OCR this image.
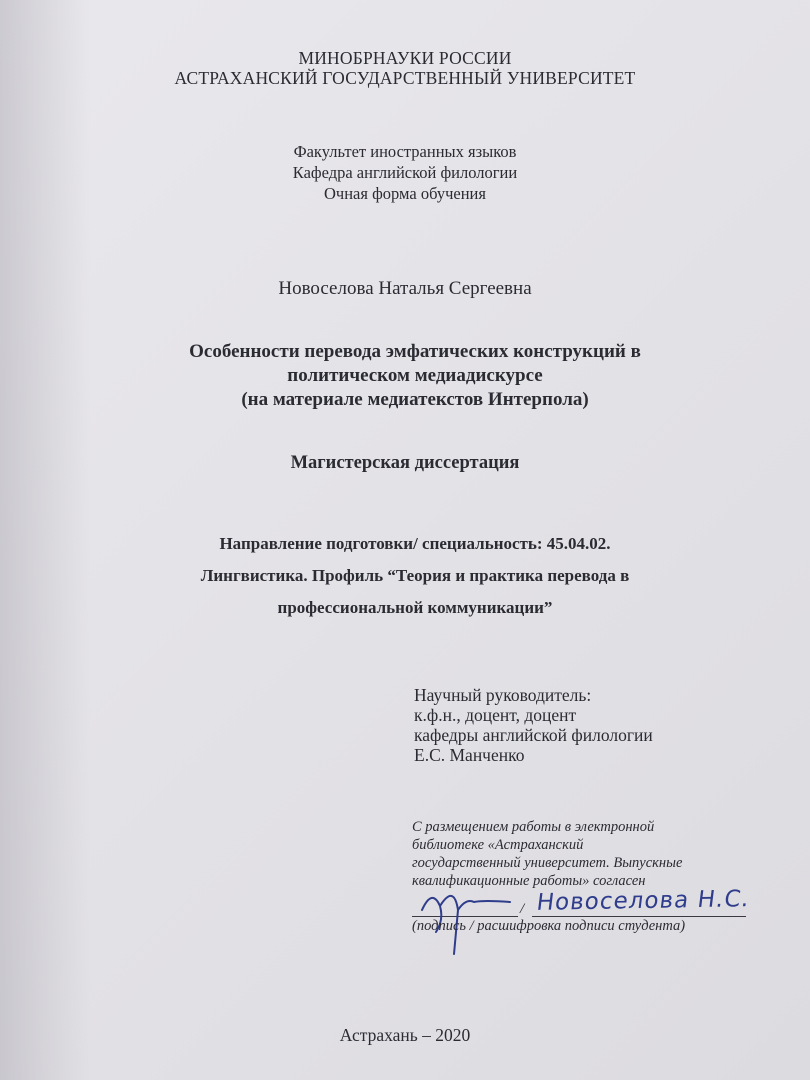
МИНОБРНАУКИ РОССИИ
АСТРАХАНСКИЙ ГОСУДАРСТВЕННЫЙ УНИВЕРСИТЕТ
Факультет иностранных языков
Кафедра английской филологии
Очная форма обучения
Новоселова Наталья Сергеевна
Особенности перевода эмфатических конструкций в
политическом медиадискурсе
(на материале медиатекстов Интерпола)
Магистерская диссертация
Направление подготовки/ специальность: 45.04.02.
Лингвистика. Профиль “Теория и практика перевода в
профессиональной коммуникации”
Научный руководитель:
к.ф.н., доцент, доцент
кафедры английской филологии
Е.С. Манченко
С размещением работы в электронной
библиотеке «Астраханский
государственный университет. Выпускные
квалификационные работы» согласен
/ Новоселова Н.С.
(подпись / расшифровка подписи студента)
Астрахань – 2020
